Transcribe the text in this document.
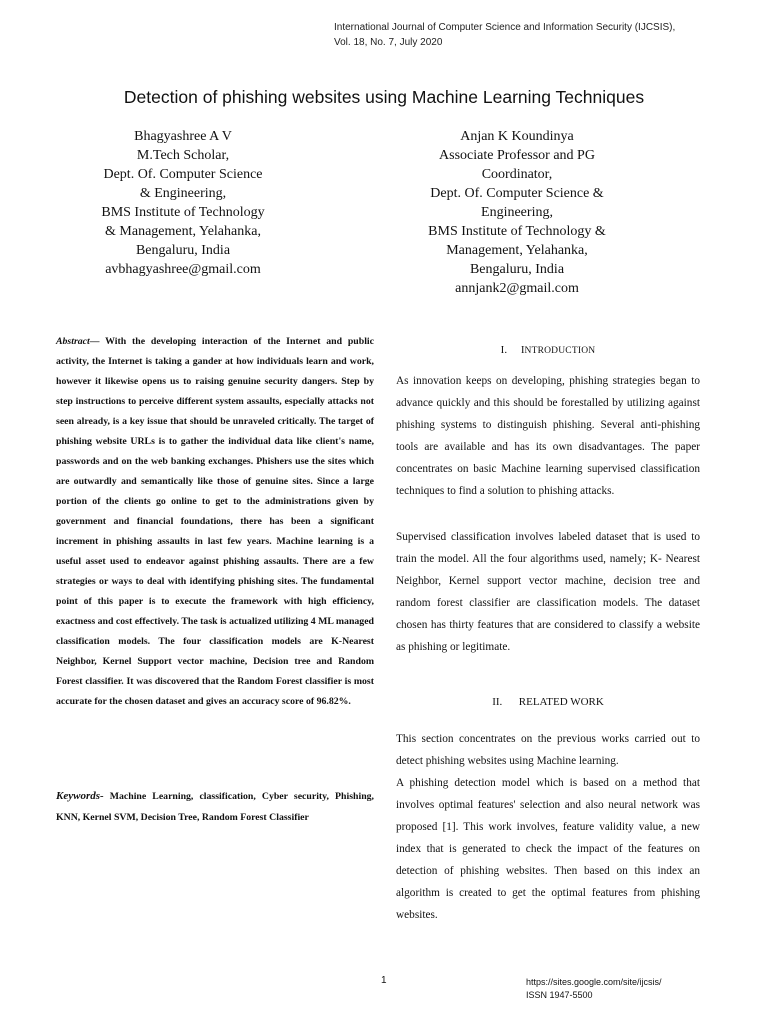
International Journal of Computer Science and Information Security (IJCSIS),
Vol. 18, No. 7, July 2020
Detection of phishing websites using Machine Learning Techniques
Bhagyashree A V
M.Tech Scholar,
Dept. Of. Computer Science
& Engineering,
BMS Institute of Technology
& Management, Yelahanka,
Bengaluru, India
avbhagyashree@gmail.com
Anjan K Koundinya
Associate Professor and PG
Coordinator,
Dept. Of. Computer Science &
Engineering,
BMS Institute of Technology &
Management, Yelahanka,
Bengaluru, India
annjank2@gmail.com
Abstract— With the developing interaction of the Internet and public activity, the Internet is taking a gander at how individuals learn and work, however it likewise opens us to raising genuine security dangers. Step by step instructions to perceive different system assaults, especially attacks not seen already, is a key issue that should be unraveled critically. The target of phishing website URLs is to gather the individual data like client's name, passwords and on the web banking exchanges. Phishers use the sites which are outwardly and semantically like those of genuine sites. Since a large portion of the clients go online to get to the administrations given by government and financial foundations, there has been a significant increment in phishing assaults in last few years. Machine learning is a useful asset used to endeavor against phishing assaults. There are a few strategies or ways to deal with identifying phishing sites. The fundamental point of this paper is to execute the framework with high efficiency, exactness and cost effectively. The task is actualized utilizing 4 ML managed classification models. The four classification models are K-Nearest Neighbor, Kernel Support vector machine, Decision tree and Random Forest classifier. It was discovered that the Random Forest classifier is most accurate for the chosen dataset and gives an accuracy score of 96.82%.
Keywords- Machine Learning, classification, Cyber security, Phishing, KNN, Kernel SVM, Decision Tree, Random Forest Classifier
I. INTRODUCTION
As innovation keeps on developing, phishing strategies began to advance quickly and this should be forestalled by utilizing against phishing systems to distinguish phishing. Several anti-phishing tools are available and has its own disadvantages. The paper concentrates on basic Machine learning supervised classification techniques to find a solution to phishing attacks.
Supervised classification involves labeled dataset that is used to train the model. All the four algorithms used, namely; K- Nearest Neighbor, Kernel support vector machine, decision tree and random forest classifier are classification models. The dataset chosen has thirty features that are considered to classify a website as phishing or legitimate.
II. RELATED WORK
This section concentrates on the previous works carried out to detect phishing websites using Machine learning.
A phishing detection model which is based on a method that involves optimal features' selection and also neural network was proposed [1]. This work involves, feature validity value, a new index that is generated to check the impact of the features on detection of phishing websites. Then based on this index an algorithm is created to get the optimal features from phishing websites.
1	https://sites.google.com/site/ijcsis/
ISSN 1947-5500
